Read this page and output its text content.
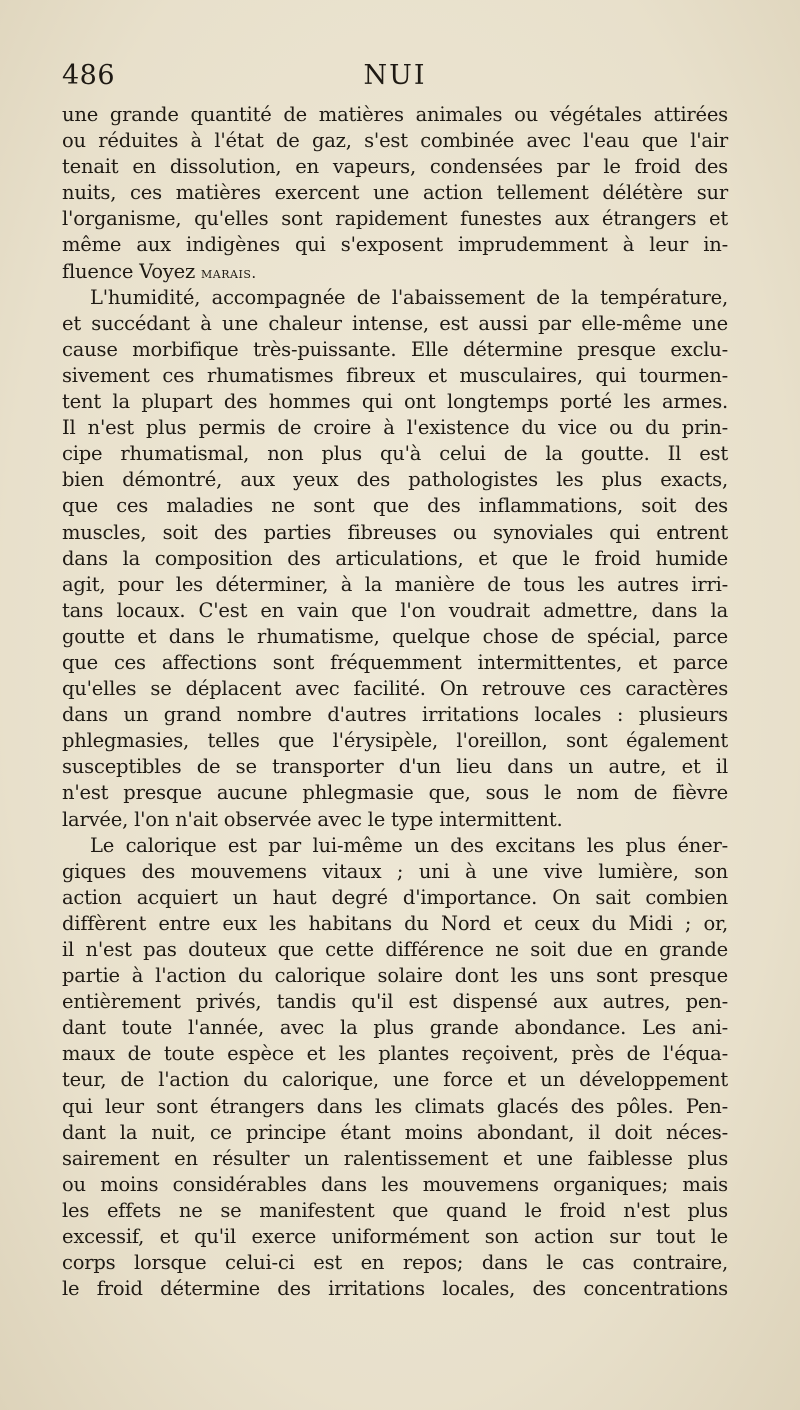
486	NUI
une grande quantité de matières animales ou végétales attirées
ou réduites à l'état de gaz, s'est combinée avec l'eau que l'air
tenait en dissolution, en vapeurs, condensées par le froid des
nuits, ces matières exercent une action tellement délétère sur
l'organisme, qu'elles sont rapidement funestes aux étrangers et
même aux indigènes qui s'exposent imprudemment à leur in-
fluence Voyez marais.
L'humidité, accompagnée de l'abaissement de la température,
et succédant à une chaleur intense, est aussi par elle-même une
cause morbifique très-puissante. Elle détermine presque exclu-
sivement ces rhumatismes fibreux et musculaires, qui tourmen-
tent la plupart des hommes qui ont longtemps porté les armes.
Il n'est plus permis de croire à l'existence du vice ou du prin-
cipe rhumatismal, non plus qu'à celui de la goutte. Il est
bien démontré, aux yeux des pathologistes les plus exacts,
que ces maladies ne sont que des inflammations, soit des
muscles, soit des parties fibreuses ou synoviales qui entrent
dans la composition des articulations, et que le froid humide
agit, pour les déterminer, à la manière de tous les autres irri-
tans locaux. C'est en vain que l'on voudrait admettre, dans la
goutte et dans le rhumatisme, quelque chose de spécial, parce
que ces affections sont fréquemment intermittentes, et parce
qu'elles se déplacent avec facilité. On retrouve ces caractères
dans un grand nombre d'autres irritations locales : plusieurs
phlegmasies, telles que l'érysipèle, l'oreillon, sont également
susceptibles de se transporter d'un lieu dans un autre, et il
n'est presque aucune phlegmasie que, sous le nom de fièvre
larvée, l'on n'ait observée avec le type intermittent.
Le calorique est par lui-même un des excitans les plus éner-
giques des mouvemens vitaux ; uni à une vive lumière, son
action acquiert un haut degré d'importance. On sait combien
diffèrent entre eux les habitans du Nord et ceux du Midi ; or,
il n'est pas douteux que cette différence ne soit due en grande
partie à l'action du calorique solaire dont les uns sont presque
entièrement privés, tandis qu'il est dispensé aux autres, pen-
dant toute l'année, avec la plus grande abondance. Les ani-
maux de toute espèce et les plantes reçoivent, près de l'équa-
teur, de l'action du calorique, une force et un développement
qui leur sont étrangers dans les climats glacés des pôles. Pen-
dant la nuit, ce principe étant moins abondant, il doit néces-
sairement en résulter un ralentissement et une faiblesse plus
ou moins considérables dans les mouvemens organiques; mais
les effets ne se manifestent que quand le froid n'est plus
excessif, et qu'il exerce uniformément son action sur tout le
corps lorsque celui-ci est en repos; dans le cas contraire,
le froid détermine des irritations locales, des concentrations
